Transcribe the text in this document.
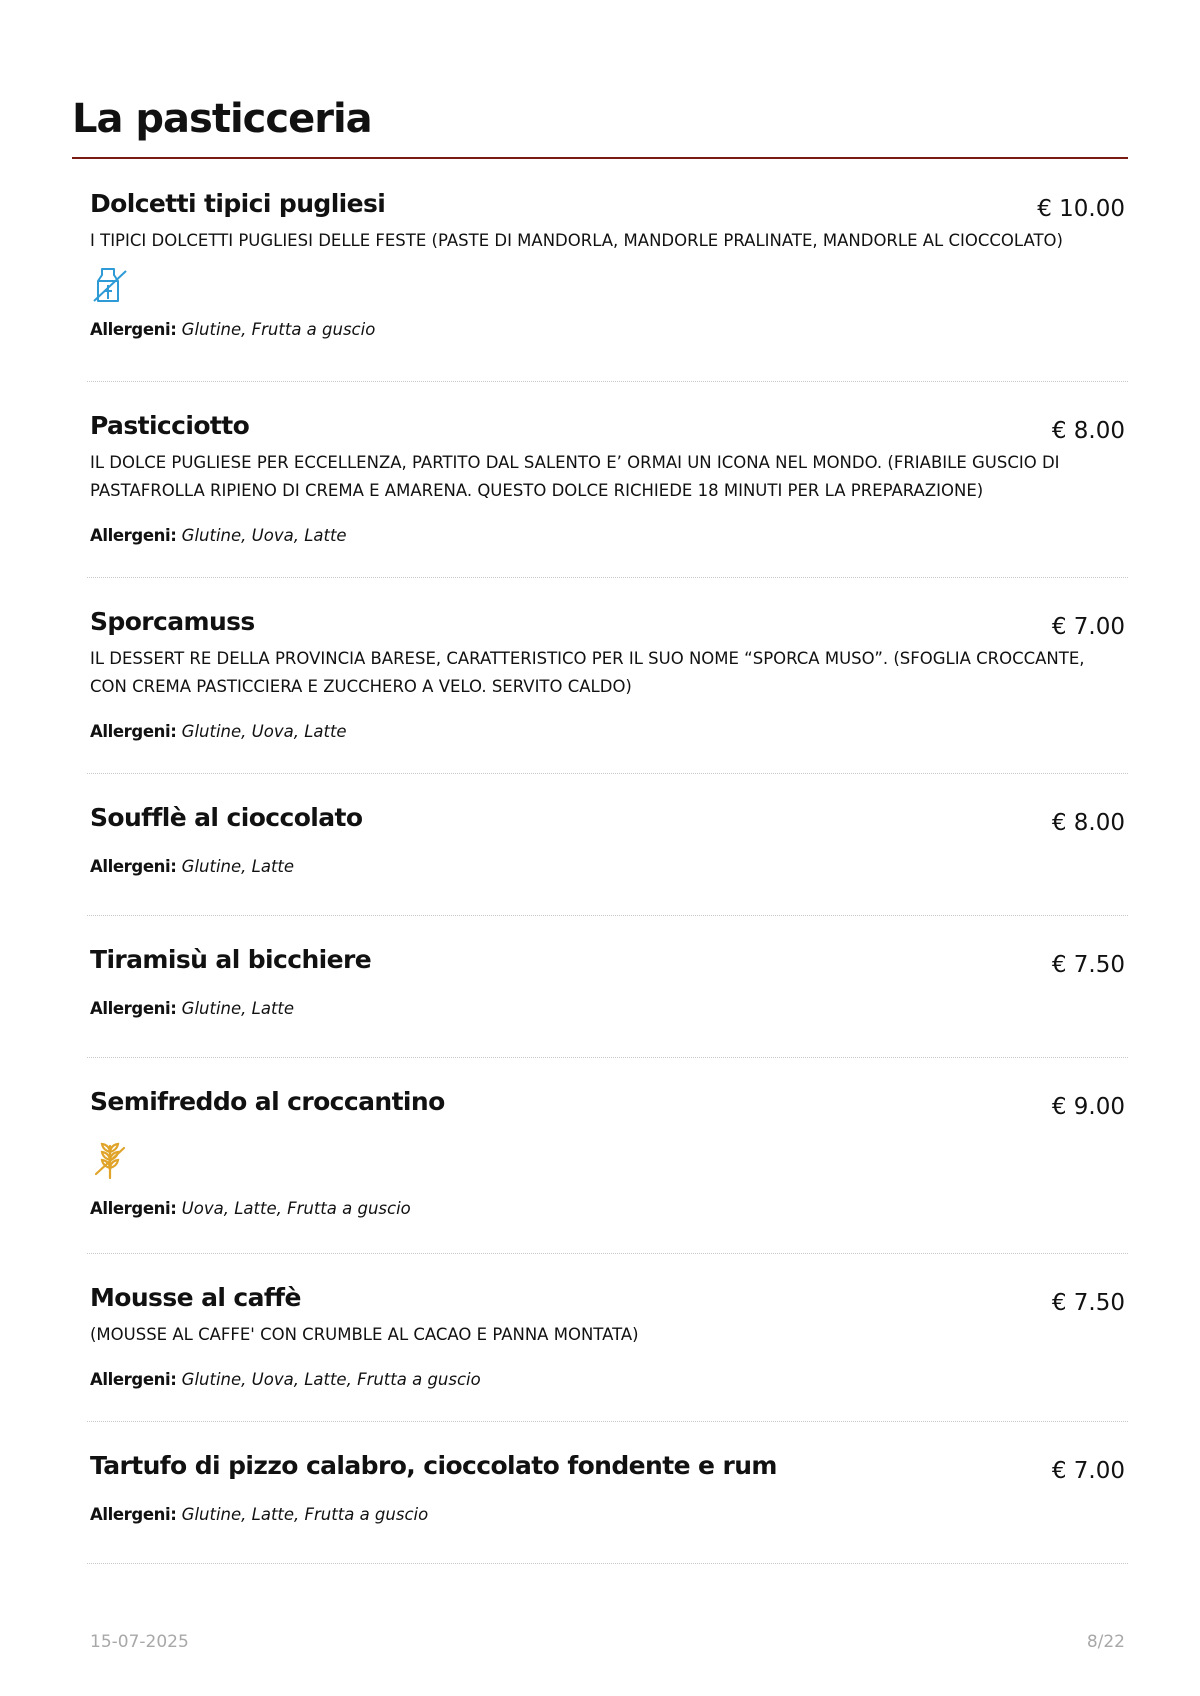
La pasticceria
Dolcetti tipici pugliesi	€ 10.00

I TIPICI DOLCETTI PUGLIESI DELLE FESTE (PASTE DI MANDORLA, MANDORLE PRALINATE, MANDORLE AL CIOCCOLATO)

Allergeni: Glutine, Frutta a guscio
Pasticciotto	€ 8.00

IL DOLCE PUGLIESE PER ECCELLENZA, PARTITO DAL SALENTO E’ ORMAI UN ICONA NEL MONDO. (FRIABILE GUSCIO DI PASTAFROLLA RIPIENO DI CREMA E AMARENA. QUESTO DOLCE RICHIEDE 18 MINUTI PER LA PREPARAZIONE)

Allergeni: Glutine, Uova, Latte
Sporcamuss	€ 7.00

IL DESSERT RE DELLA PROVINCIA BARESE, CARATTERISTICO PER IL SUO NOME “SPORCA MUSO”. (SFOGLIA CROCCANTE, CON CREMA PASTICCIERA E ZUCCHERO A VELO. SERVITO CALDO)

Allergeni: Glutine, Uova, Latte
Soufflè al cioccolato	€ 8.00
Allergeni: Glutine, Latte
Tiramisù al bicchiere	€ 7.50
Allergeni: Glutine, Latte
Semifreddo al croccantino	€ 9.00
Allergeni: Uova, Latte, Frutta a guscio
Mousse al caffè	€ 7.50

(MOUSSE AL CAFFE' CON CRUMBLE AL CACAO E PANNA MONTATA)

Allergeni: Glutine, Uova, Latte, Frutta a guscio
Tartufo di pizzo calabro, cioccolato fondente e rum	€ 7.00
Allergeni: Glutine, Latte, Frutta a guscio
15-07-2025	8/22
